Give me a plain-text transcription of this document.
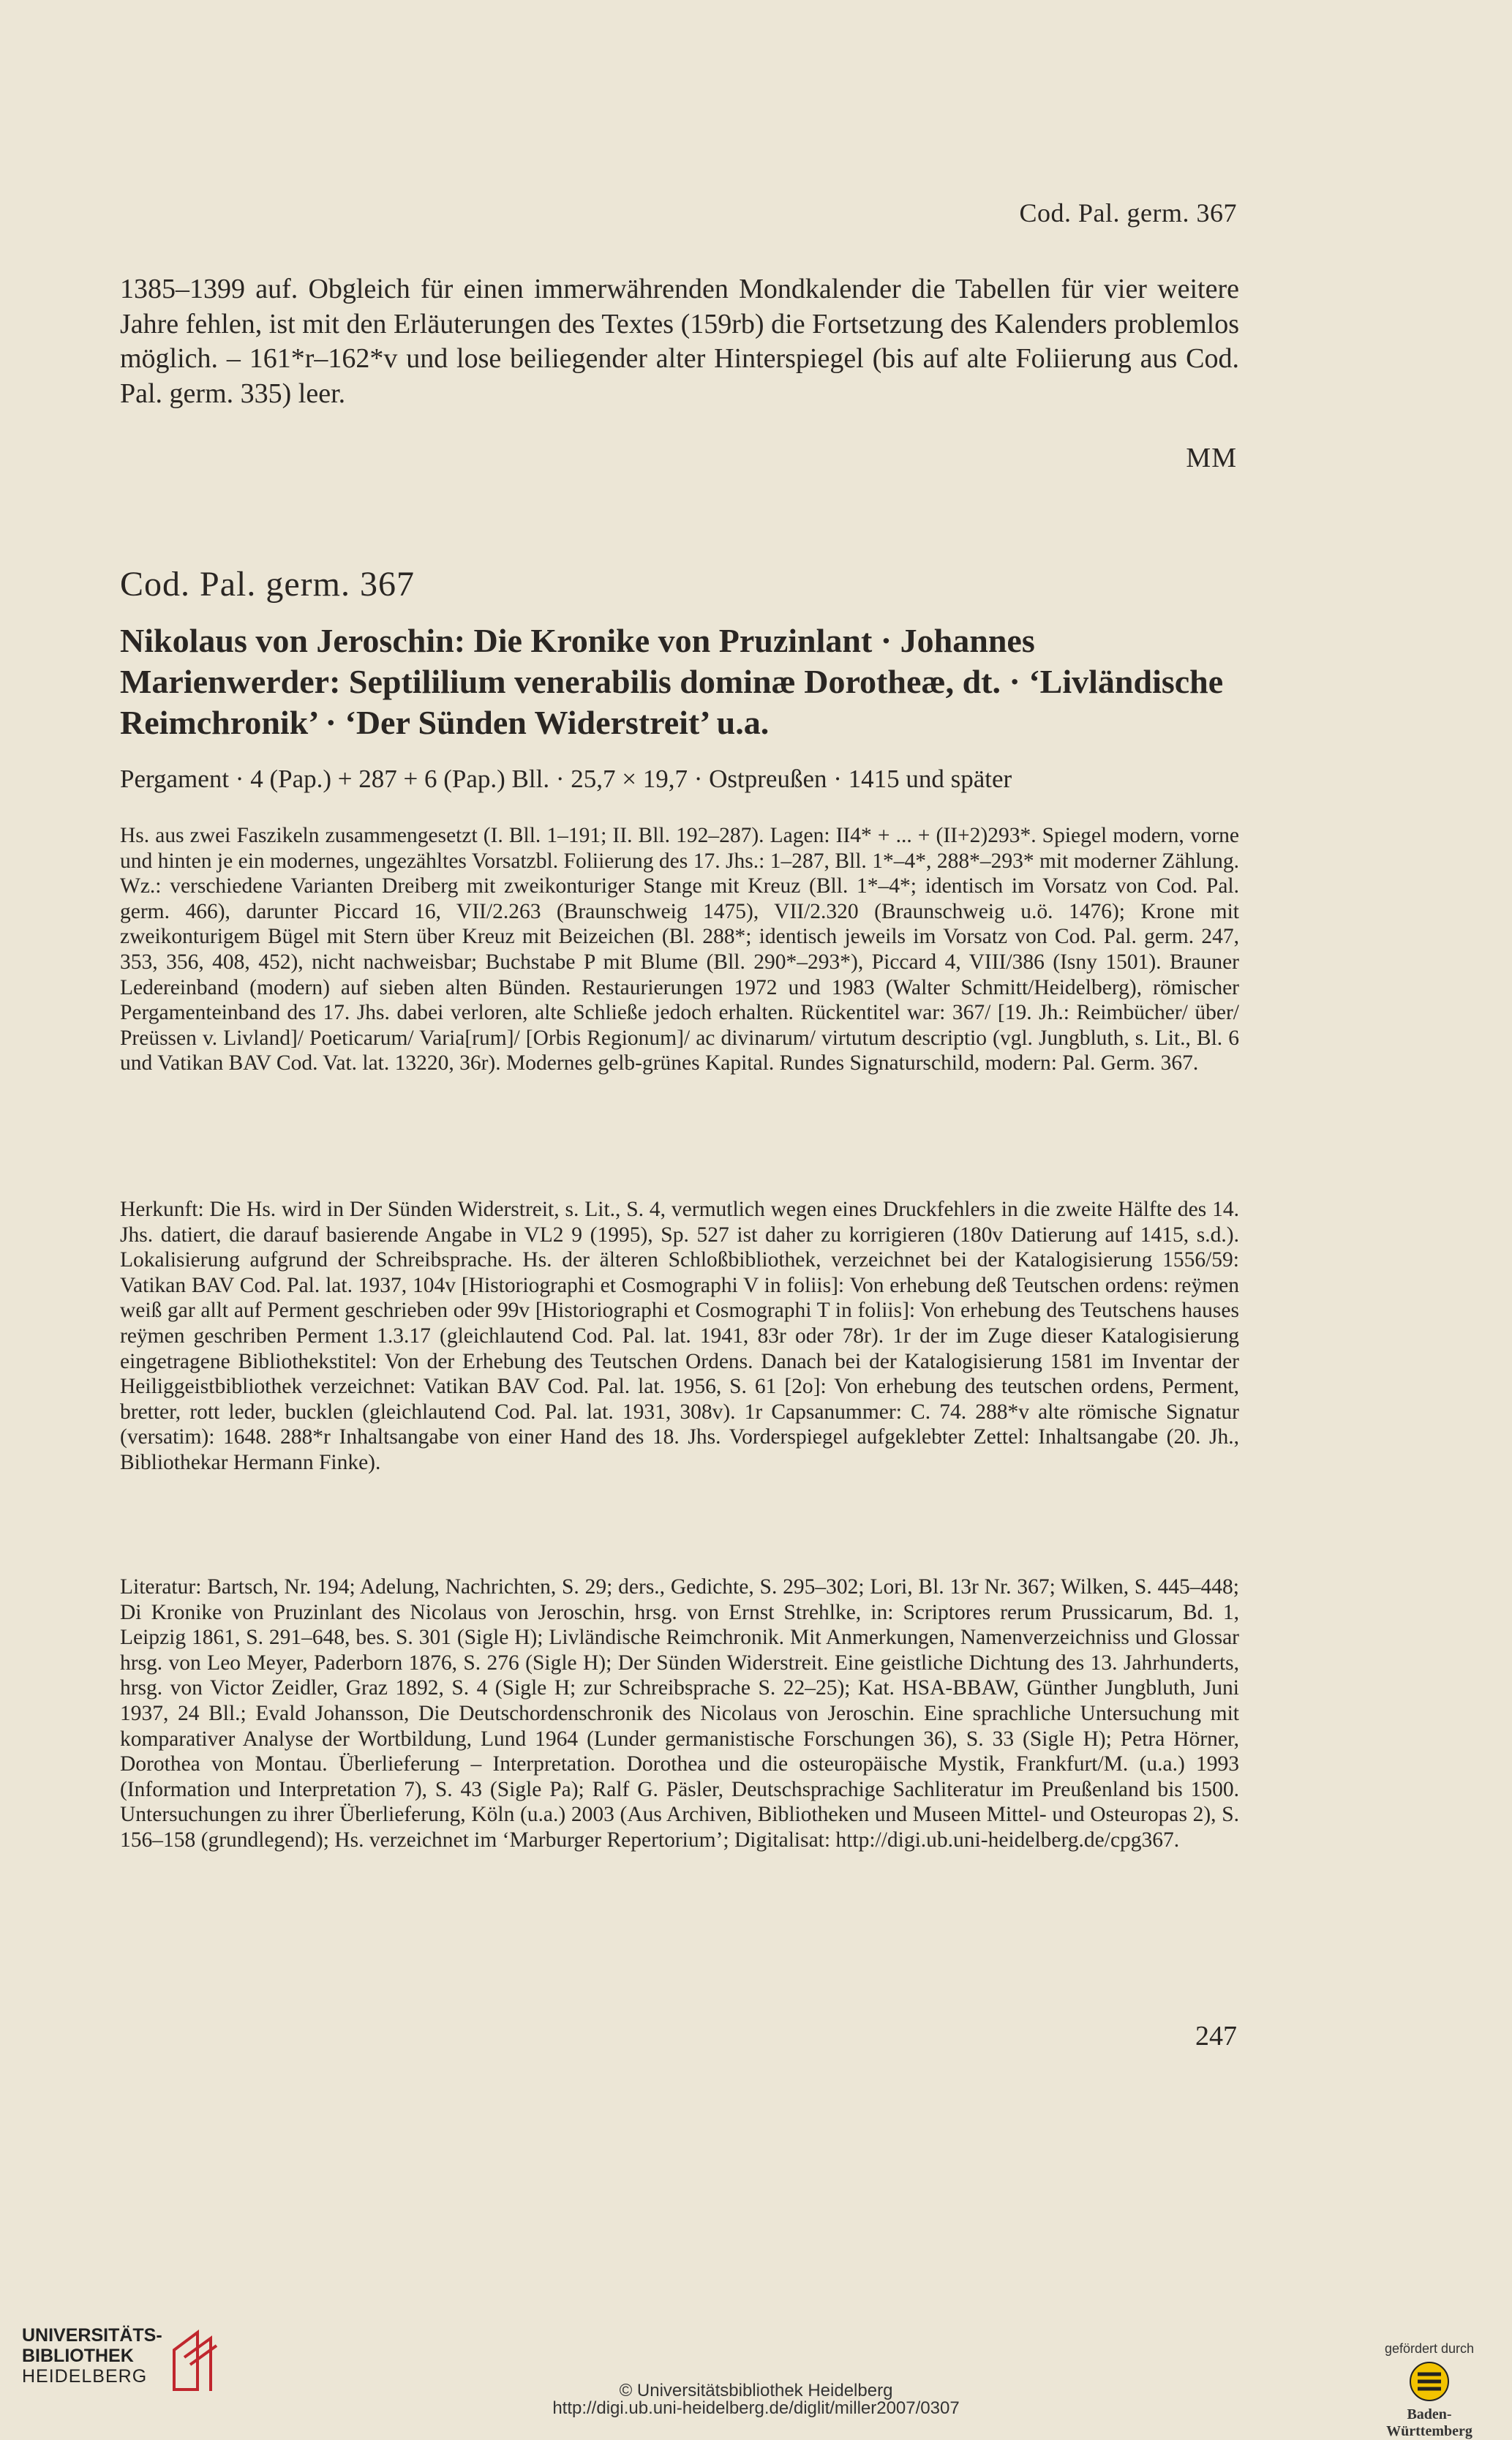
Cod. Pal. germ. 367
1385–1399 auf. Obgleich für einen immerwährenden Mondkalender die Tabellen für vier weitere Jahre fehlen, ist mit den Erläuterungen des Textes (159rb) die Fortsetzung des Kalenders problemlos möglich. – 161*r–162*v und lose beiliegender alter Hinterspiegel (bis auf alte Foliierung aus Cod. Pal. germ. 335) leer.
MM
Cod. Pal. germ. 367
Nikolaus von Jeroschin: Die Kronike von Pruzinlant · Johannes Marienwerder: Septililium venerabilis dominæ Dorotheæ, dt. · ‘Livländische Reimchronik’ · ‘Der Sünden Widerstreit’ u.a.
Pergament · 4 (Pap.) + 287 + 6 (Pap.) Bll. · 25,7 × 19,7 · Ostpreußen · 1415 und später
Hs. aus zwei Faszikeln zusammengesetzt (I. Bll. 1–191; II. Bll. 192–287). Lagen: II4* + ... + (II+2)293*. Spiegel modern, vorne und hinten je ein modernes, ungezähltes Vorsatzbl. Foliierung des 17. Jhs.: 1–287, Bll. 1*–4*, 288*–293* mit moderner Zählung. Wz.: verschiedene Varianten Dreiberg mit zweikonturiger Stange mit Kreuz (Bll. 1*–4*; identisch im Vorsatz von Cod. Pal. germ. 466), darunter Piccard 16, VII/2.263 (Braunschweig 1475), VII/2.320 (Braunschweig u.ö. 1476); Krone mit zweikonturigem Bügel mit Stern über Kreuz mit Beizeichen (Bl. 288*; identisch jeweils im Vorsatz von Cod. Pal. germ. 247, 353, 356, 408, 452), nicht nachweisbar; Buchstabe P mit Blume (Bll. 290*–293*), Piccard 4, VIII/386 (Isny 1501). Brauner Ledereinband (modern) auf sieben alten Bünden. Restaurierungen 1972 und 1983 (Walter Schmitt/Heidelberg), römischer Pergamenteinband des 17. Jhs. dabei verloren, alte Schließe jedoch erhalten. Rückentitel war: 367/ [19. Jh.: Reimbücher/ über/ Preüssen v. Livland]/ Poeticarum/ Varia[rum]/ [Orbis Regionum]/ ac divinarum/ virtutum descriptio (vgl. Jungbluth, s. Lit., Bl. 6 und Vatikan BAV Cod. Vat. lat. 13220, 36r). Modernes gelb-grünes Kapital. Rundes Signaturschild, modern: Pal. Germ. 367.
Herkunft: Die Hs. wird in Der Sünden Widerstreit, s. Lit., S. 4, vermutlich wegen eines Druckfehlers in die zweite Hälfte des 14. Jhs. datiert, die darauf basierende Angabe in VL2 9 (1995), Sp. 527 ist daher zu korrigieren (180v Datierung auf 1415, s.d.). Lokalisierung aufgrund der Schreibsprache. Hs. der älteren Schloßbibliothek, verzeichnet bei der Katalogisierung 1556/59: Vatikan BAV Cod. Pal. lat. 1937, 104v [Historiographi et Cosmographi V in foliis]: Von erhebung deß Teutschen ordens: reÿmen weiß gar allt auf Perment geschrieben oder 99v [Historiographi et Cosmographi T in foliis]: Von erhebung des Teutschens hauses reÿmen geschriben Perment 1.3.17 (gleichlautend Cod. Pal. lat. 1941, 83r oder 78r). 1r der im Zuge dieser Katalogisierung eingetragene Bibliothekstitel: Von der Erhebung des Teutschen Ordens. Danach bei der Katalogisierung 1581 im Inventar der Heiliggeistbibliothek verzeichnet: Vatikan BAV Cod. Pal. lat. 1956, S. 61 [2o]: Von erhebung des teutschen ordens, Perment, bretter, rott leder, bucklen (gleichlautend Cod. Pal. lat. 1931, 308v). 1r Capsanummer: C. 74. 288*v alte römische Signatur (versatim): 1648. 288*r Inhaltsangabe von einer Hand des 18. Jhs. Vorderspiegel aufgeklebter Zettel: Inhaltsangabe (20. Jh., Bibliothekar Hermann Finke).
Literatur: Bartsch, Nr. 194; Adelung, Nachrichten, S. 29; ders., Gedichte, S. 295–302; Lori, Bl. 13r Nr. 367; Wilken, S. 445–448; Di Kronike von Pruzinlant des Nicolaus von Jeroschin, hrsg. von Ernst Strehlke, in: Scriptores rerum Prussicarum, Bd. 1, Leipzig 1861, S. 291–648, bes. S. 301 (Sigle H); Livländische Reimchronik. Mit Anmerkungen, Namenverzeichniss und Glossar hrsg. von Leo Meyer, Paderborn 1876, S. 276 (Sigle H); Der Sünden Widerstreit. Eine geistliche Dichtung des 13. Jahrhunderts, hrsg. von Victor Zeidler, Graz 1892, S. 4 (Sigle H; zur Schreibsprache S. 22–25); Kat. HSA-BBAW, Günther Jungbluth, Juni 1937, 24 Bll.; Evald Johansson, Die Deutschordenschronik des Nicolaus von Jeroschin. Eine sprachliche Untersuchung mit komparativer Analyse der Wortbildung, Lund 1964 (Lunder germanistische Forschungen 36), S. 33 (Sigle H); Petra Hörner, Dorothea von Montau. Überlieferung – Interpretation. Dorothea und die osteuropäische Mystik, Frankfurt/M. (u.a.) 1993 (Information und Interpretation 7), S. 43 (Sigle Pa); Ralf G. Päsler, Deutschsprachige Sachliteratur im Preußenland bis 1500. Untersuchungen zu ihrer Überlieferung, Köln (u.a.) 2003 (Aus Archiven, Bibliotheken und Museen Mittel- und Osteuropas 2), S. 156–158 (grundlegend); Hs. verzeichnet im ‘Marburger Repertorium’; Digitalisat: http://digi.ub.uni-heidelberg.de/cpg367.
247
UNIVERSITÄTS-
BIBLIOTHEK
HEIDELBERG
© Universitätsbibliothek Heidelberg
http://digi.ub.uni-heidelberg.de/diglit/miller2007/0307
gefördert durch
Baden-Württemberg
